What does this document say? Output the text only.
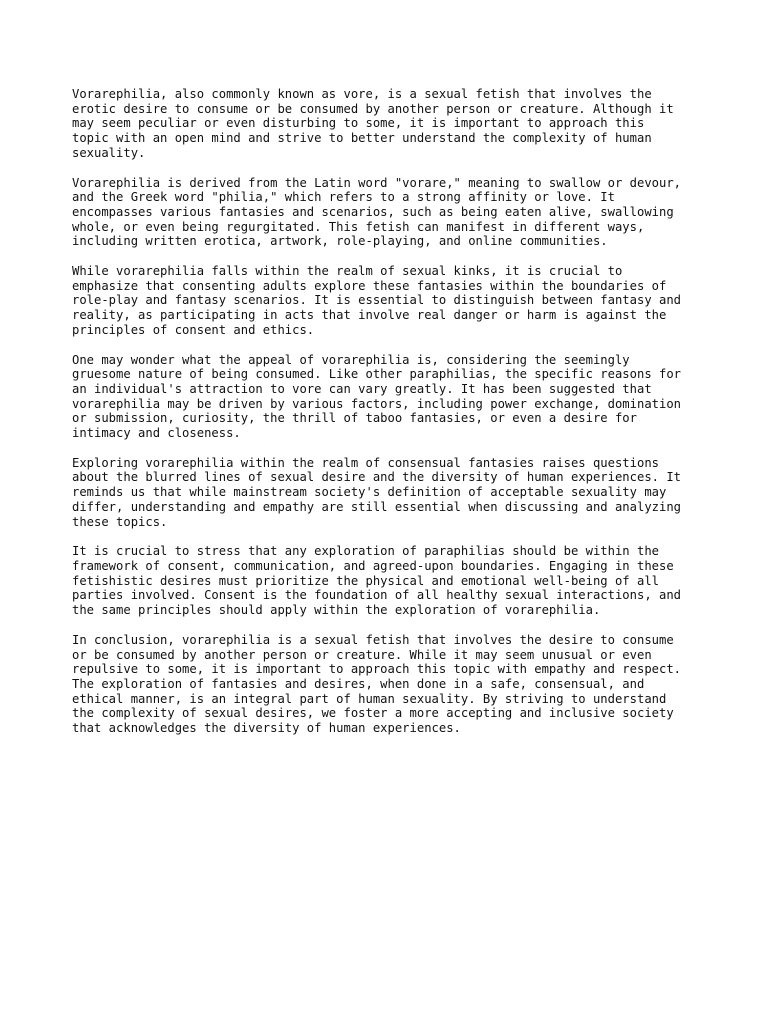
Vorarephilia, also commonly known as vore, is a sexual fetish that involves the
erotic desire to consume or be consumed by another person or creature. Although it
may seem peculiar or even disturbing to some, it is important to approach this
topic with an open mind and strive to better understand the complexity of human
sexuality.

Vorarephilia is derived from the Latin word "vorare," meaning to swallow or devour,
and the Greek word "philia," which refers to a strong affinity or love. It
encompasses various fantasies and scenarios, such as being eaten alive, swallowing
whole, or even being regurgitated. This fetish can manifest in different ways,
including written erotica, artwork, role-playing, and online communities.

While vorarephilia falls within the realm of sexual kinks, it is crucial to
emphasize that consenting adults explore these fantasies within the boundaries of
role-play and fantasy scenarios. It is essential to distinguish between fantasy and
reality, as participating in acts that involve real danger or harm is against the
principles of consent and ethics.

One may wonder what the appeal of vorarephilia is, considering the seemingly
gruesome nature of being consumed. Like other paraphilias, the specific reasons for
an individual's attraction to vore can vary greatly. It has been suggested that
vorarephilia may be driven by various factors, including power exchange, domination
or submission, curiosity, the thrill of taboo fantasies, or even a desire for
intimacy and closeness.

Exploring vorarephilia within the realm of consensual fantasies raises questions
about the blurred lines of sexual desire and the diversity of human experiences. It
reminds us that while mainstream society's definition of acceptable sexuality may
differ, understanding and empathy are still essential when discussing and analyzing
these topics.

It is crucial to stress that any exploration of paraphilias should be within the
framework of consent, communication, and agreed-upon boundaries. Engaging in these
fetishistic desires must prioritize the physical and emotional well-being of all
parties involved. Consent is the foundation of all healthy sexual interactions, and
the same principles should apply within the exploration of vorarephilia.

In conclusion, vorarephilia is a sexual fetish that involves the desire to consume
or be consumed by another person or creature. While it may seem unusual or even
repulsive to some, it is important to approach this topic with empathy and respect.
The exploration of fantasies and desires, when done in a safe, consensual, and
ethical manner, is an integral part of human sexuality. By striving to understand
the complexity of sexual desires, we foster a more accepting and inclusive society
that acknowledges the diversity of human experiences.
